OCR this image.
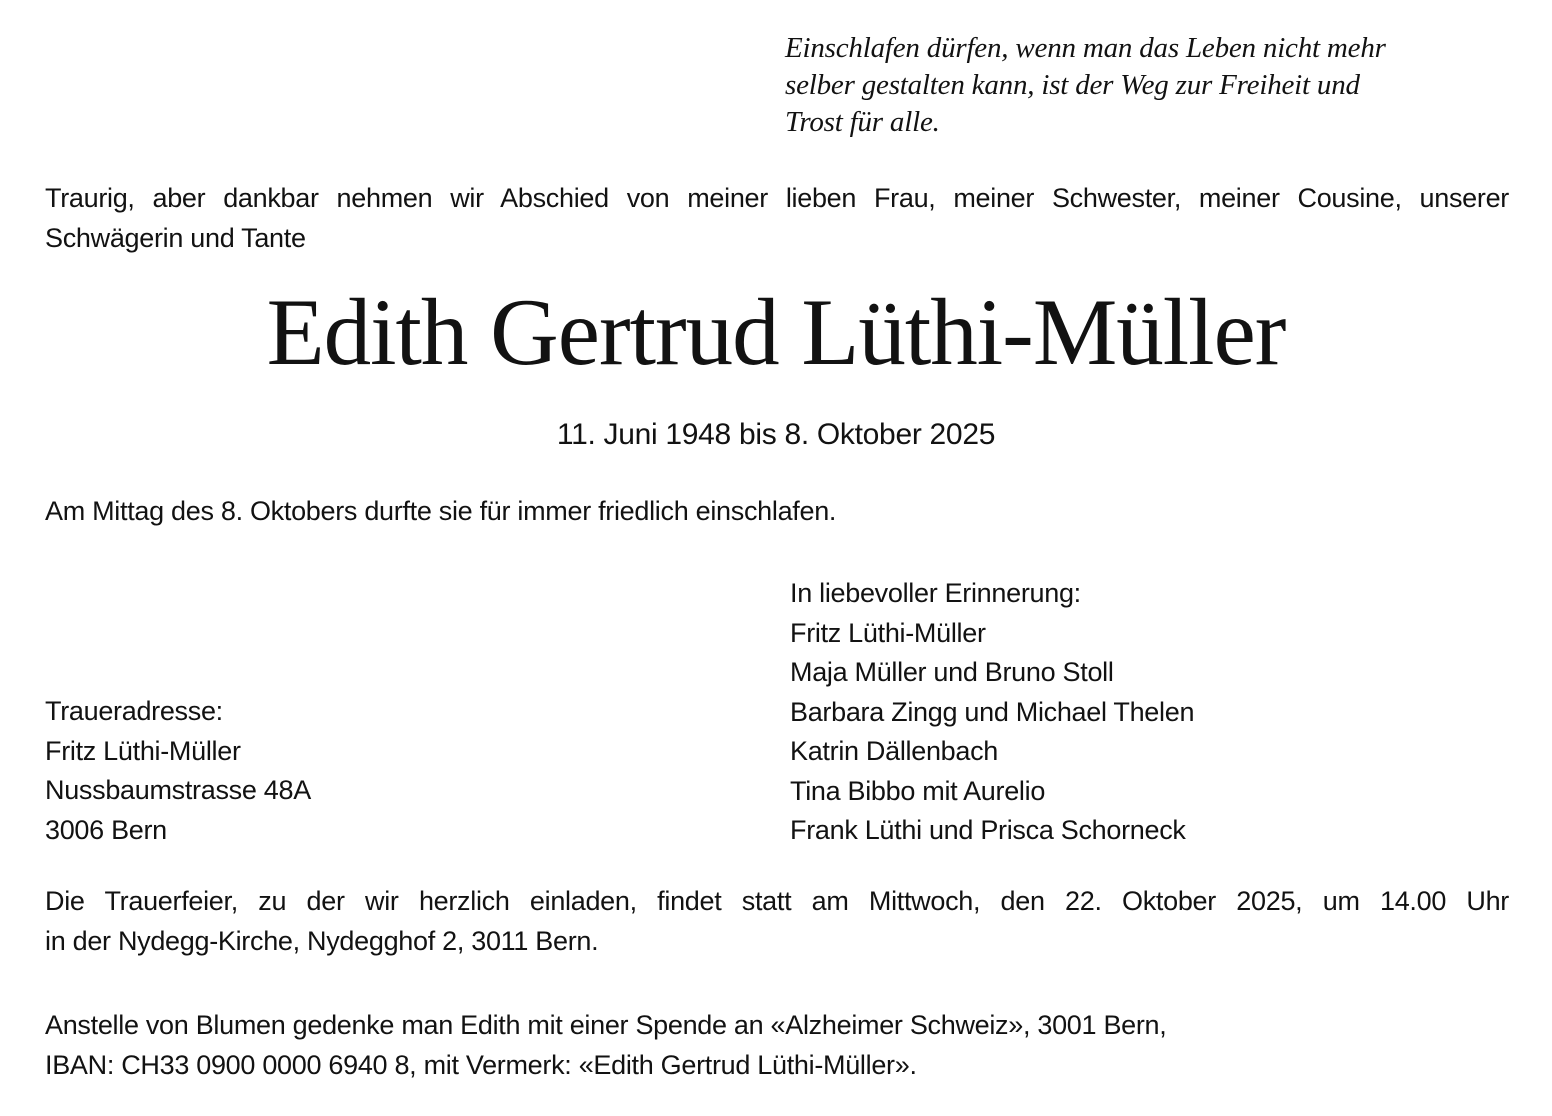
Einschlafen dürfen, wenn man das Leben nicht mehr
selber gestalten kann, ist der Weg zur Freiheit und
Trost für alle.
Traurig, aber dankbar nehmen wir Abschied von meiner lieben Frau, meiner Schwester, meiner Cousine, unserer
Schwägerin und Tante
Edith Gertrud Lüthi-Müller
11. Juni 1948 bis 8. Oktober 2025
Am Mittag des 8. Oktobers durfte sie für immer friedlich einschlafen.
In liebevoller Erinnerung:
Fritz Lüthi-Müller
Maja Müller und Bruno Stoll
Barbara Zingg und Michael Thelen
Katrin Dällenbach
Tina Bibbo mit Aurelio
Frank Lüthi und Prisca Schorneck
Traueradresse:
Fritz Lüthi-Müller
Nussbaumstrasse 48A
3006 Bern
Die Trauerfeier, zu der wir herzlich einladen, findet statt am Mittwoch, den 22. Oktober 2025, um 14.00 Uhr
in der Nydegg-Kirche, Nydegghof 2, 3011 Bern.
Anstelle von Blumen gedenke man Edith mit einer Spende an «Alzheimer Schweiz», 3001 Bern,
IBAN: CH33 0900 0000 6940 8, mit Vermerk: «Edith Gertrud Lüthi-Müller».
